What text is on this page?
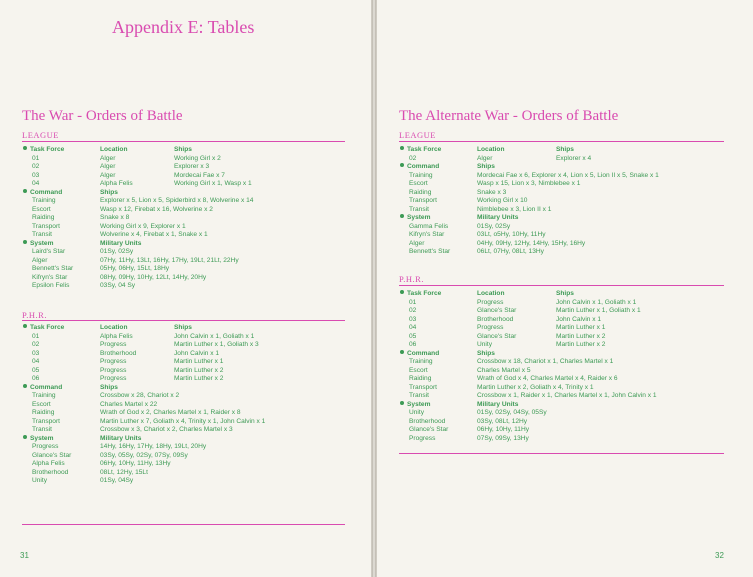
Appendix E: Tables
The War - Orders of Battle
LEAGUE
Task Force	Location	Ships
01	Alger	Working Girl x 2
02	Alger	Explorer x 3
03	Alger	Mordecai Fae x 7
04	Alpha Felis	Working Girl x 1, Wasp x 1
Command	Ships
Training	Explorer x 5, Lion x 5, Spiderbird x 8, Wolverine x 14
Escort	Wasp x 12, Firebat x 16, Wolverine x 2
Raiding	Snake x 8
Transport	Working Girl x 9, Explorer x 1
Transit	Wolverine x 4, Firebat x 1, Snake x 1
System	Military Units
Laird's Star	01Sy, 02Sy
Alger	07Hy, 11Hy, 13Lt, 16Hy, 17Hy, 19Lt, 21Lt, 22Hy
Bennett's Star	05Hy, 06Hy, 15Lt, 18Hy
Kifryn's Star	08Hy, 09Hy, 10Hy, 12Lt, 14Hy, 20Hy
Epsilon Felis	03Sy, 04 Sy
P.H.R.
Task Force	Location	Ships
01	Alpha Felis	John Calvin x 1, Goliath x 1
02	Progress	Martin Luther x 1, Goliath x 3
03	Brotherhood	John Calvin x 1
04	Progress	Martin Luther x 1
05	Progress	Martin Luther x 2
06	Progress	Martin Luther x 2
Command	Ships
Training	Crossbow x 28, Chariot x 2
Escort	Charles Martel x 22
Raiding	Wrath of God x 2, Charles Martel x 1, Raider x 8
Transport	Martin Luther x 7, Goliath x 4, Trinity x 1, John Calvin x 1
Transit	Crossbow x 3, Chariot x 2, Charles Martel x 3
System	Military Units
Progress	14Hy, 16Hy, 17Hy, 18Hy, 19Lt, 20Hy
Glance's Star	03Sy, 05Sy, 02Sy, 07Sy, 09Sy
Alpha Felis	06Hy, 10Hy, 11Hy, 13Hy
Brotherhood	08Lt, 12Hy, 15Lt
Unity	01Sy, 04Sy
31
The Alternate War - Orders of Battle
LEAGUE
Task Force	Location	Ships
02	Alger	Explorer x 4
Command	Ships
Training	Mordecai Fae x 6, Explorer x 4, Lion x 5, Lion II x 5, Snake x 1
Escort	Wasp x 15, Lion x 3, Nimblebee x 1
Raiding	Snake x 3
Transport	Working Girl x 10
Transit	Nimblebee x 3, Lion II x 1
System	Military Units
Gamma Felis	01Sy, 02Sy
Kifryn's Star	03Lt, o5Hy, 10Hy, 11Hy
Alger	04Hy, 09Hy, 12Hy, 14Hy, 15Hy, 16Hy
Bennett's Star	06Lt, 07Hy, 08Lt, 13Hy
P.H.R.
Task Force	Location	Ships
01	Progress	John Calvin x 1, Goliath x 1
02	Glance's Star	Martin Luther x 1, Goliath x 1
03	Brotherhood	John Calvin x 1
04	Progress	Martin Luther x 1
05	Glance's Star	Martin Luther x 2
06	Unity	Martin Luther x 2
Command	Ships
Training	Crossbow x 18, Chariot x 1, Charles Martel x 1
Escort	Charles Martel x 5
Raiding	Wrath of God x 4, Charles Martel x 4, Raider x 6
Transport	Martin Luther x 2, Goliath x 4, Trinity x 1
Transit	Crossbow x 1, Raider x 1, Charles Martel x 1, John Calvin x 1
System	Military Units
Unity	01Sy, 02Sy, 04Sy, 05Sy
Brotherhood	03Sy, 08Lt, 12Hy
Glance's Star	06Hy, 10Hy, 11Hy
Progress	07Sy, 09Sy, 13Hy
32
